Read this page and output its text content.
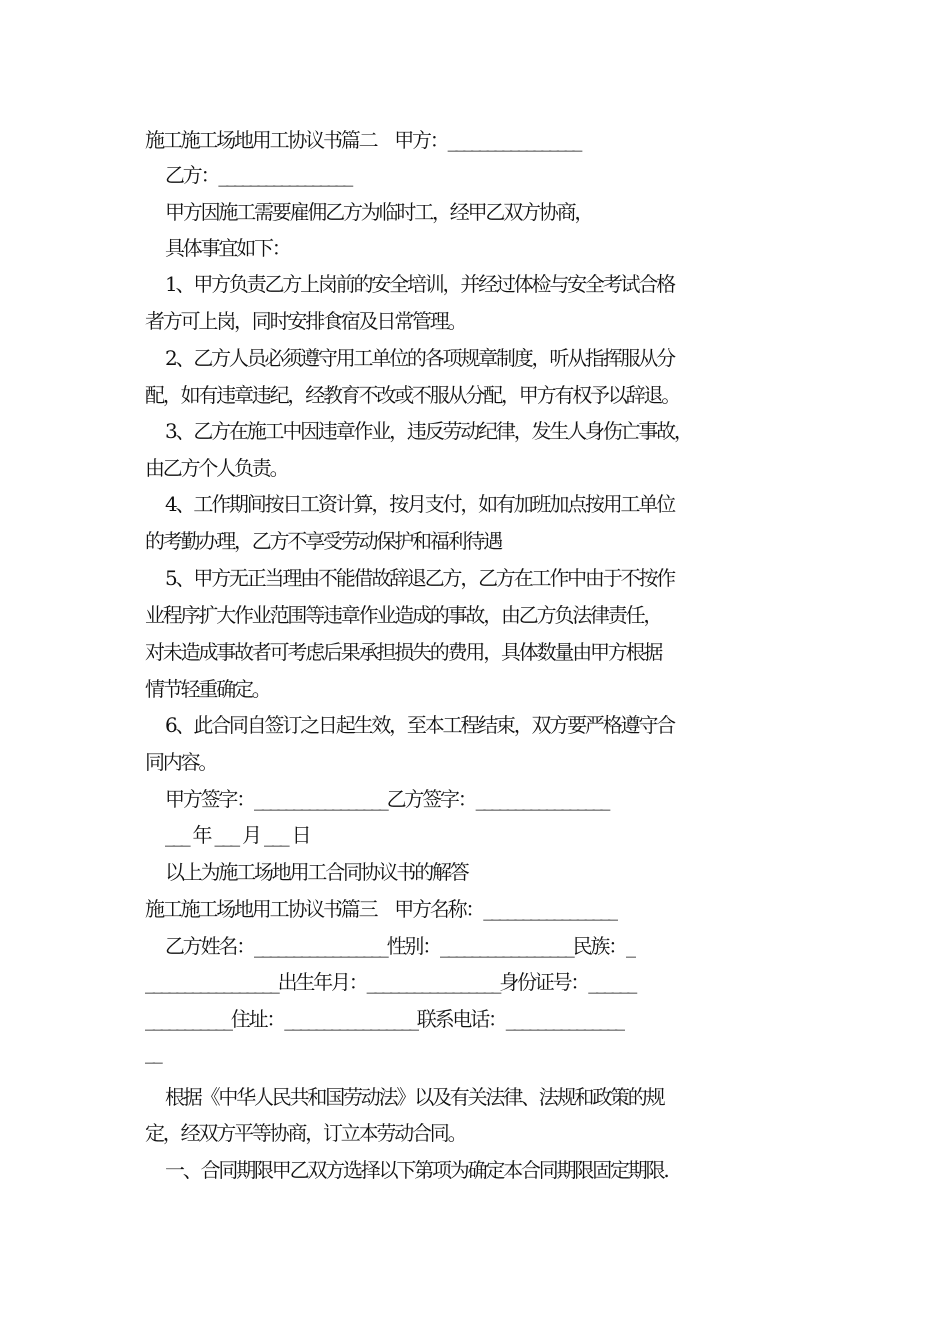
施工施工场地用工协议书篇二　甲方：_________________
乙方：_________________
甲方因施工需要雇佣乙方为临时工，经甲乙双方协商，
具体事宜如下：
1、甲方负责乙方上岗前的安全培训，并经过体检与安全考试合格
者方可上岗，同时安排食宿及日常管理。
2、乙方人员必须遵守用工单位的各项规章制度，听从指挥服从分
配，如有违章违纪，经教育不改或不服从分配，甲方有权予以辞退。
3、乙方在施工中因违章作业，违反劳动纪律，发生人身伤亡事故，
由乙方个人负责。
4、工作期间按日工资计算，按月支付，如有加班加点按用工单位
的考勤办理，乙方不享受劳动保护和福利待遇
5、甲方无正当理由不能借故辞退乙方，乙方在工作中由于不按作
业程序扩大作业范围等违章作业造成的事故，由乙方负法律责任，
对未造成事故者可考虑后果承担损失的费用，具体数量由甲方根据
情节轻重确定。
6、此合同自签订之日起生效，至本工程结束，双方要严格遵守合
同内容。
甲方签字：_________________乙方签字：_________________
___ 年 ___ 月 ___ 日
以上为施工场地用工合同协议书的解答
施工施工场地用工协议书篇三　甲方名称：_________________
乙方姓名：_________________性别：_________________民族：_
_________________出生年月：_________________身份证号：______
___________住址：_________________联系电话：_______________
__
根据《中华人民共和国劳动法》以及有关法律、法规和政策的规
定，经双方平等协商，订立本劳动合同。
一、合同期限甲乙双方选择以下第项为确定本合同期限固定期限.
